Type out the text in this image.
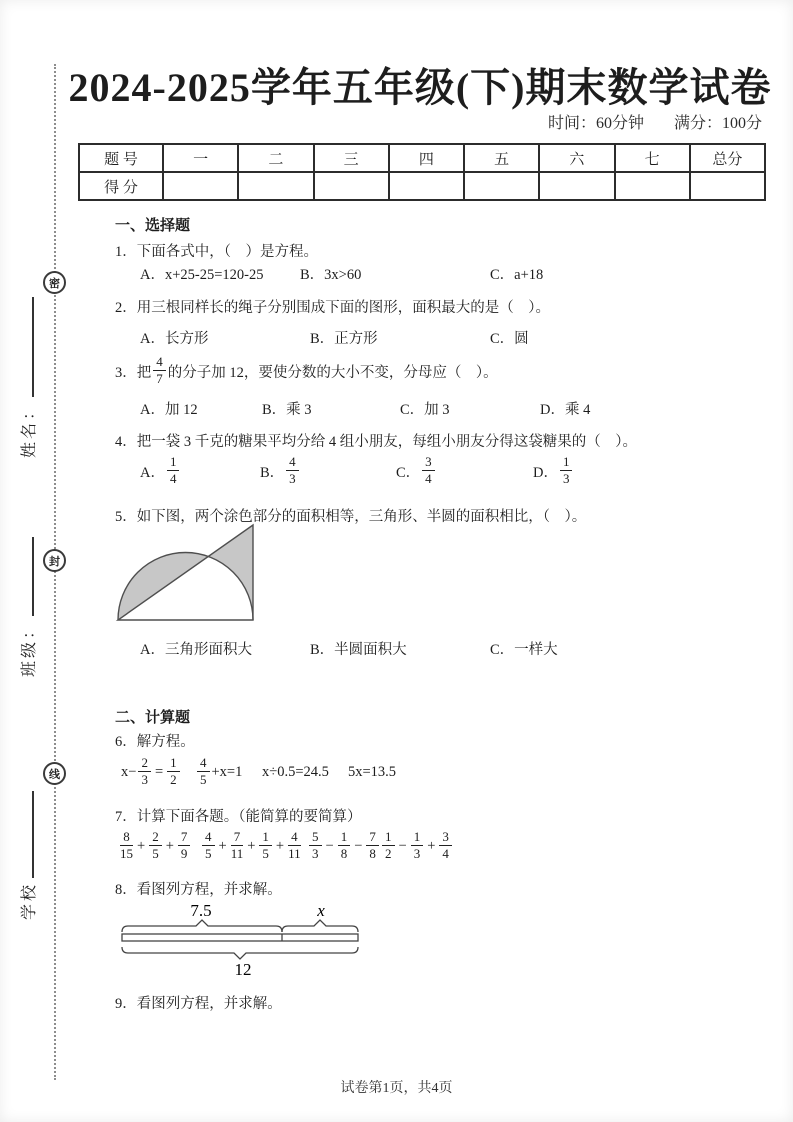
密
封
线
姓名：
班级：
学校
2024-2025学年五年级(下)期末数学试卷
时间：60分钟 满分：100分
题 号	一	二	三	四	五	六	七	总分
得 分								
一、选择题
1．下面各式中，（　）是方程。
A．x+25-25=120-25	B．3x>60	C．a+18
2．用三根同样长的绳子分别围成下面的图形，面积最大的是（　）。
A．长方形	B．正方形	C．圆
3．把 $\frac{4}{7}$ 的分子加 12，要使分数的大小不变，分母应（　）。
A．加 12	B．乘 3	C．加 3	D．乘 4
4．把一袋 3 千克的糖果平均分给 4 组小朋友，每组小朋友分得这袋糖果的（　）。
A． $\frac{1}{4}$	B． $\frac{4}{3}$	C． $\frac{3}{4}$	D． $\frac{1}{3}$
5．如下图，两个涂色部分的面积相等，三角形、半圆的面积相比，（　）。
A．三角形面积大	B．半圆面积大	C．一样大
二、计算题
6．解方程。
$x- \frac{2}{3} = \frac{1}{2} \frac{4}{5} +x=1$ x÷0.5=24.5 5x=13.5
7．计算下面各题。（能简算的要简算）
$\frac{8}{15} + \frac{2}{5} + \frac{7}{9} \frac{4}{5} + \frac{7}{11} + \frac{1}{5} + \frac{4}{11} \frac{5}{3} - \frac{1}{8} - \frac{7}{8} \frac{1}{2} - \frac{1}{3} + \frac{3}{4}$
8．看图列方程，并求解。
7.5	x
12
9．看图列方程，并求解。
试卷第1页，共4页
